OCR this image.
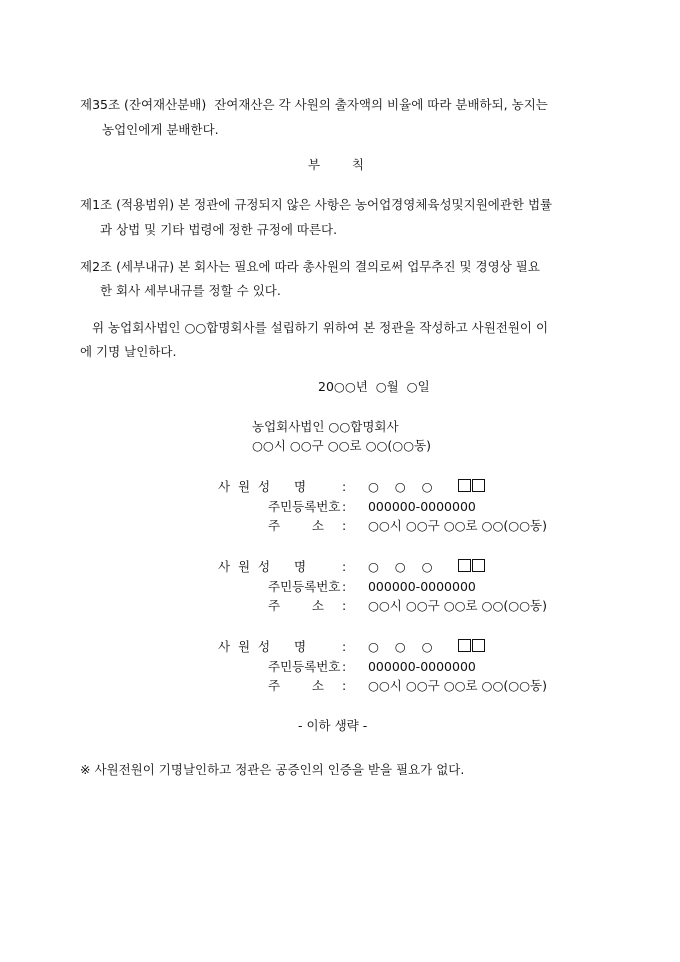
제35조 (잔여재산분배) 잔여재산은 각 사원의 출자액의 비율에 따라 분배하되, 농지는
농업인에게 분배한다.
부        칙
제1조 (적용범위) 본 정관에 규정되지 않은 사항은 농어업경영체육성및지원에관한 법률
과 상법 및 기타 법령에 정한 규정에 따른다.
제2조 (세부내규) 본 회사는 필요에 따라 총사원의 결의로써 업무추진 및 경영상 필요
한 회사 세부내규를 정할 수 있다.
위 농업회사법인 ○○합명회사를 설립하기 위하여 본 정관을 작성하고 사원전원이 이
에 기명 날인하다.
20○○년  ○월  ○일
농업회사법인 ○○합명회사
○○시 ○○구 ○○로 ○○(○○동)
사  원  성      명	: ○    ○    ○
주민등록번호 : 000000-0000000
주        소 : ○○시 ○○구 ○○로 ○○(○○동)
사  원  성      명	: ○    ○    ○
주민등록번호 : 000000-0000000
주        소 : ○○시 ○○구 ○○로 ○○(○○동)
사  원  성      명	: ○    ○    ○
주민등록번호 : 000000-0000000
주        소 : ○○시 ○○구 ○○로 ○○(○○동)
- 이하 생략 -
※ 사원전원이 기명날인하고 정관은 공증인의 인증을 받을 필요가 없다.
